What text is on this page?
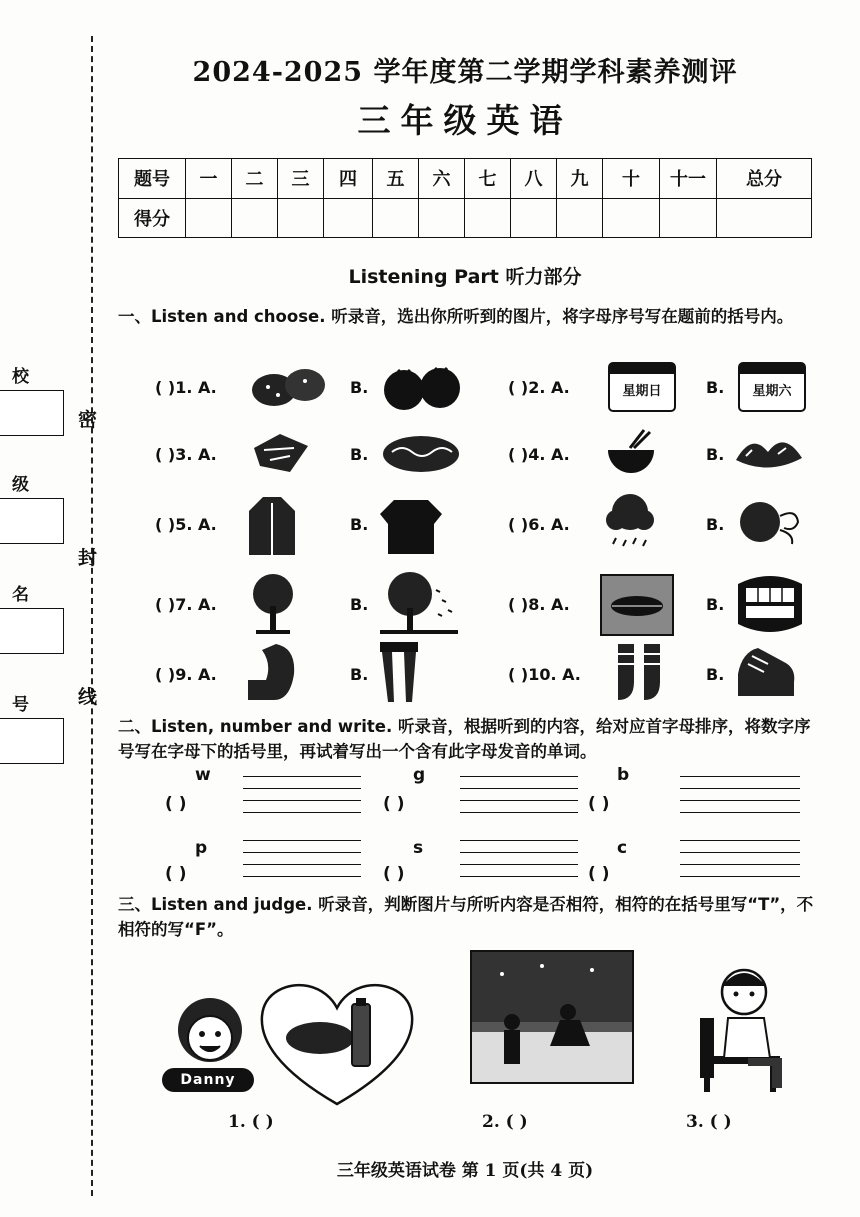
校
级
名
号
密
封
线
2024-2025 学年度第二学期学科素养测评
三年级英语
题号	一	二	三	四	五	六	七	八	九	十	十一	总分
得分												
Listening Part 听力部分
一、Listen and choose. 听录音，选出你所听到的图片，将字母序号写在题前的括号内。
( )1. A.	B.	( )2. A.	星期日	B.	星期六
( )3. A.	B.	( )4. A.	B.
( )5. A.	B.	( )6. A.	B.
( )7. A.	B.	( )8. A.	B.
( )9. A.	B.	( )10. A.	B.
二、Listen, number and write. 听录音，根据听到的内容，给对应首字母排序，将数字序号写在字母下的括号里，再试着写出一个含有此字母发音的单词。
w
( )
g
( )
b
( )
p
( )
s
( )
c
( )
三、Listen and judge. 听录音，判断图片与所听内容是否相符，相符的在括号里写“T”，不相符的写“F”。
Danny
1. ( )	2. ( )	3. ( )
三年级英语试卷 第 1 页(共 4 页)
